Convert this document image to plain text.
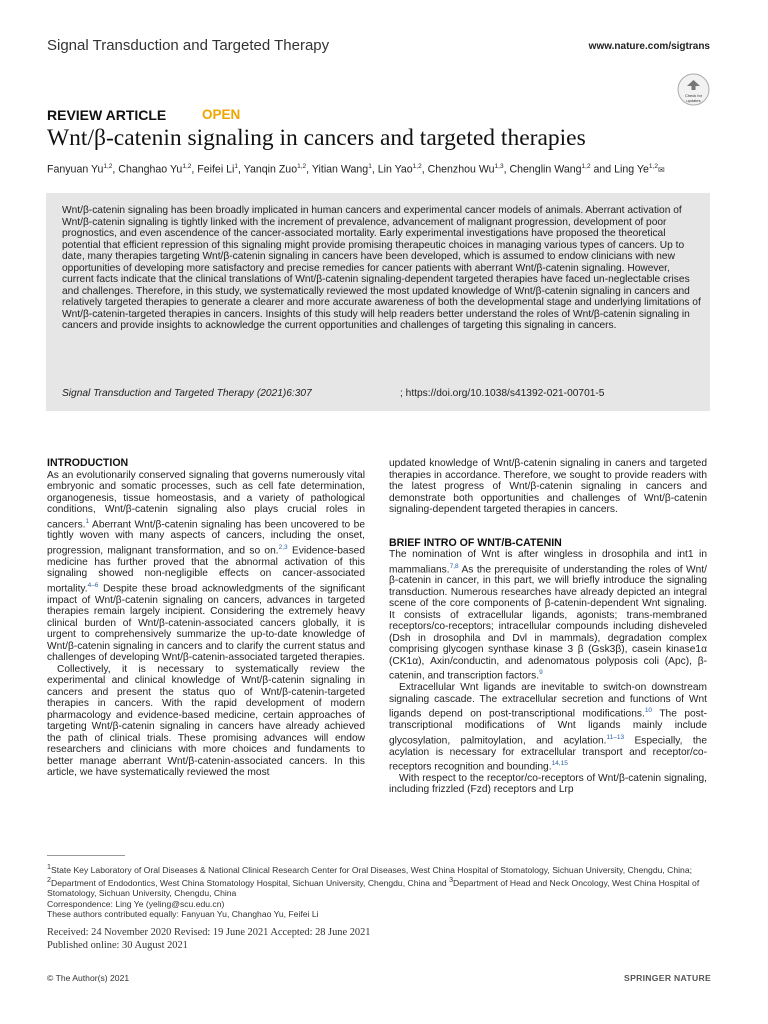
Signal Transduction and Targeted Therapy	www.nature.com/sigtrans
Check for
updates
REVIEW ARTICLE	OPEN
Wnt/β-catenin signaling in cancers and targeted therapies
Fanyuan Yu$^{1,2}$, Changhao Yu$^{1,2}$, Feifei Li$^1$, Yanqin Zuo$^{1,2}$, Yitian Wang$^1$, Lin Yao$^{1,2}$, Chenzhou Wu$^{1,3}$, Chenglin Wang$^{1,2}$ and Ling Ye$^{1,2}$✉
Wnt/β-catenin signaling has been broadly implicated in human cancers and experimental cancer models of animals. Aberrant activation of Wnt/β-catenin signaling is tightly linked with the increment of prevalence, advancement of malignant progression, development of poor prognostics, and even ascendence of the cancer-associated mortality. Early experimental investigations have proposed the theoretical potential that efficient repression of this signaling might provide promising therapeutic choices in managing various types of cancers. Up to date, many therapies targeting Wnt/β-catenin signaling in cancers have been developed, which is assumed to endow clinicians with new opportunities of developing more satisfactory and precise remedies for cancer patients with aberrant Wnt/β-catenin signaling. However, current facts indicate that the clinical translations of Wnt/β-catenin signaling-dependent targeted therapies have faced un-neglectable crises and challenges. Therefore, in this study, we systematically reviewed the most updated knowledge of Wnt/β-catenin signaling in cancers and relatively targeted therapies to generate a clearer and more accurate awareness of both the developmental stage and underlying limitations of Wnt/β-catenin-targeted therapies in cancers. Insights of this study will help readers better understand the roles of Wnt/β-catenin signaling in cancers and provide insights to acknowledge the current opportunities and challenges of targeting this signaling in cancers.
Signal Transduction and Targeted Therapy (2021)6:307	; https://doi.org/10.1038/s41392-021-00701-5
INTRODUCTION

As an evolutionarily conserved signaling that governs numerously vital embryonic and somatic processes, such as cell fate determination, organogenesis, tissue homeostasis, and a variety of pathological conditions, Wnt/β-catenin signaling also plays crucial roles in cancers.$^1$ Aberrant Wnt/β-catenin signaling has been uncovered to be tightly woven with many aspects of cancers, including the onset, progression, malignant transformation, and so on.$^{2,3}$ Evidence-based medicine has further proved that the abnormal activation of this signaling showed non-negligible effects on cancer-associated mortality.$^{4-6}$ Despite these broad acknowledgments of the significant impact of Wnt/β-catenin signaling on cancers, advances in targeted therapies remain largely incipient. Considering the extremely heavy clinical burden of Wnt/β-catenin-associated cancers globally, it is urgent to comprehensively summarize the up-to-date knowledge of Wnt/β-catenin signaling in cancers and to clarify the current status and challenges of developing Wnt/β-catenin-associated targeted therapies.

Collectively, it is necessary to systematically review the experimental and clinical knowledge of Wnt/β-catenin signaling in cancers and present the status quo of Wnt/β-catenin-targeted therapies in cancers. With the rapid development of modern pharmacology and evidence-based medicine, certain approaches of targeting Wnt/β-catenin signaling in cancers have already achieved the path of clinical trials. These promising advances will endow researchers and clinicians with more choices and fundaments to better manage aberrant Wnt/β-catenin-associated cancers. In this article, we have systematically reviewed the most

updated knowledge of Wnt/β-catenin signaling in caners and targeted therapies in accordance. Therefore, we sought to provide readers with the latest progress of Wnt/β-catenin signaling in cancers and demonstrate both opportunities and challenges of Wnt/β-catenin signaling-dependent targeted therapies in cancers.

BRIEF INTRO OF WNT/Β-CATENIN

The nomination of Wnt is after wingless in drosophila and int1 in mammalians.$^{7,8}$ As the prerequisite of understanding the roles of Wnt/β-catenin in cancer, in this part, we will briefly introduce the signaling transduction. Numerous researches have already depicted an integral scene of the core components of β-catenin-dependent Wnt signaling. It consists of extracellular ligands, agonists; trans-membraned receptors/co-receptors; intracellular compounds including disheveled (Dsh in drosophila and Dvl in mammals), degradation complex comprising glycogen synthase kinase 3 β (Gsk3β), casein kinase1α (CK1α), Axin/conductin, and adenomatous polyposis coli (Apc), β-catenin, and transcription factors.$^9$

Extracellular Wnt ligands are inevitable to switch-on downstream signaling cascade. The extracellular secretion and functions of Wnt ligands depend on post-transcriptional modifications.$^{10}$ The post-transcriptional modifications of Wnt ligands mainly include glycosylation, palmitoylation, and acylation.$^{11-13}$ Especially, the acylation is necessary for extracellular transport and receptor/co-receptors recognition and bounding.$^{14,15}$

With respect to the receptor/co-receptors of Wnt/β-catenin signaling, including frizzled (Fzd) receptors and Lrp

$^1$State Key Laboratory of Oral Diseases & National Clinical Research Center for Oral Diseases, West China Hospital of Stomatology, Sichuan University, Chengdu, China; $^2$Department of Endodontics, West China Stomatology Hospital, Sichuan University, Chengdu, China and $^3$Department of Head and Neck Oncology, West China Hospital of Stomatology, Sichuan University, Chengdu, China
Correspondence: Ling Ye (yeling@scu.edu.cn)
These authors contributed equally: Fanyuan Yu, Changhao Yu, Feifei Li
Received: 24 November 2020 Revised: 19 June 2021 Accepted: 28 June 2021
Published online: 30 August 2021
© The Author(s) 2021	SPRINGER NATURE
